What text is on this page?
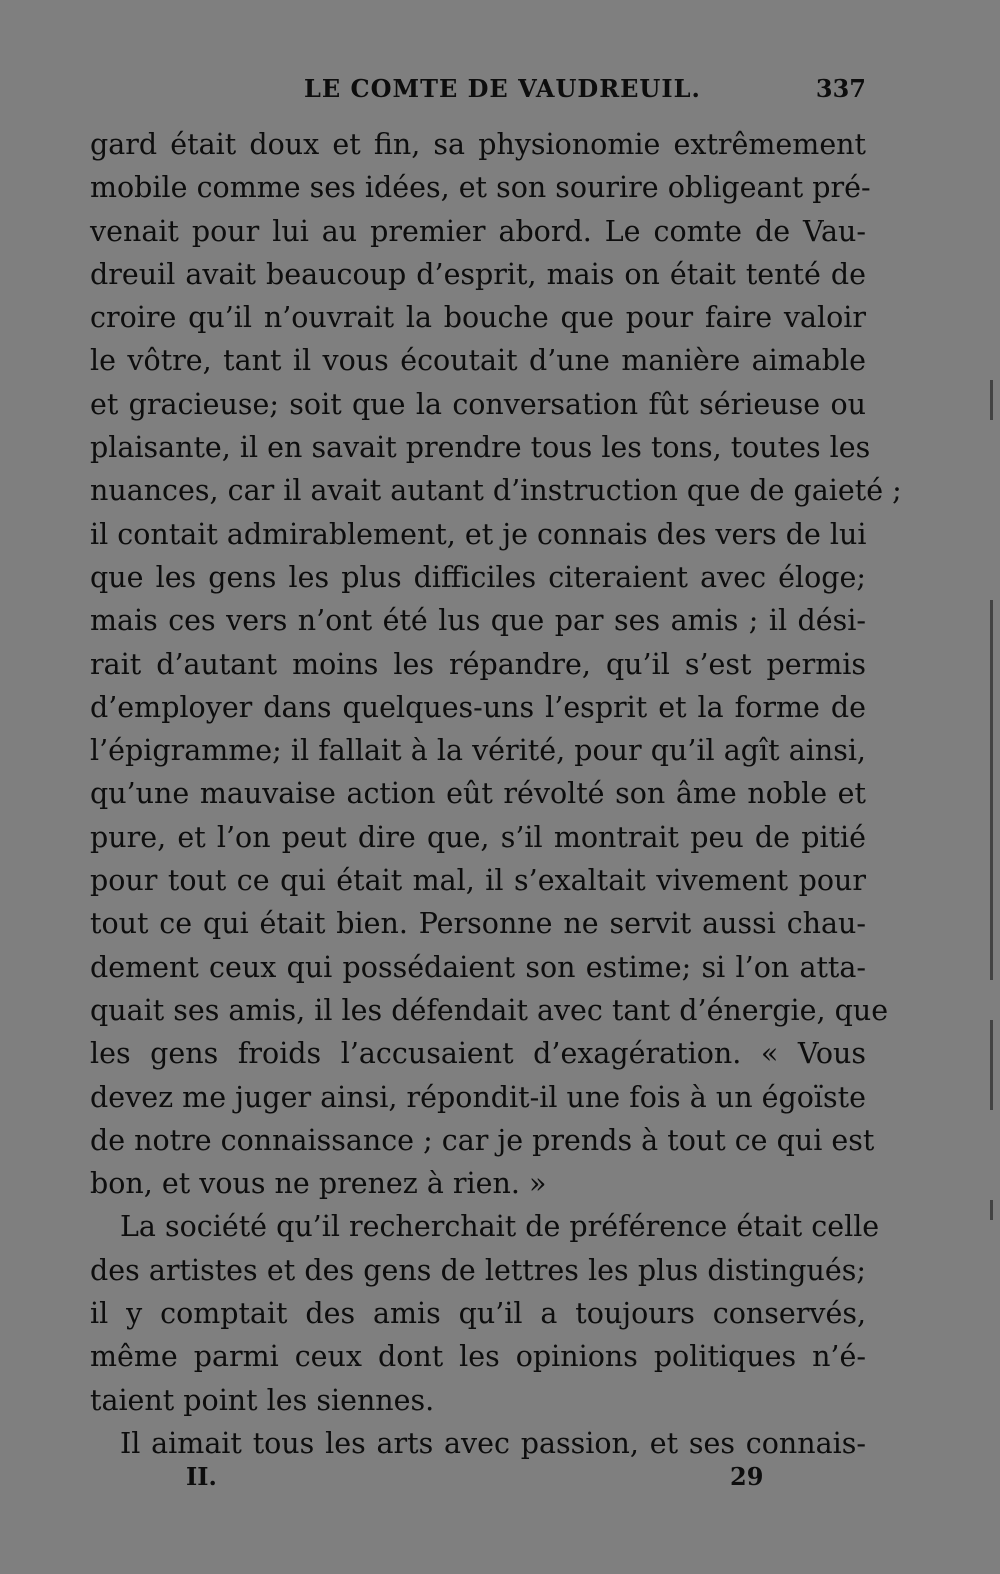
LE COMTE DE VAUDREUIL.	337
gard était doux et fin, sa physionomie extrêmement
mobile comme ses idées, et son sourire obligeant pré-
venait pour lui au premier abord. Le comte de Vau-
dreuil avait beaucoup d’esprit, mais on était tenté de
croire qu’il n’ouvrait la bouche que pour faire valoir
le vôtre, tant il vous écoutait d’une manière aimable
et gracieuse; soit que la conversation fût sérieuse ou
plaisante, il en savait prendre tous les tons, toutes les
nuances, car il avait autant d’instruction que de gaieté ;
il contait admirablement, et je connais des vers de lui
que les gens les plus difficiles citeraient avec éloge;
mais ces vers n’ont été lus que par ses amis ; il dési-
rait d’autant moins les répandre, qu’il s’est permis
d’employer dans quelques-uns l’esprit et la forme de
l’épigramme; il fallait à la vérité, pour qu’il agît ainsi,
qu’une mauvaise action eût révolté son âme noble et
pure, et l’on peut dire que, s’il montrait peu de pitié
pour tout ce qui était mal, il s’exaltait vivement pour
tout ce qui était bien. Personne ne servit aussi chau-
dement ceux qui possédaient son estime; si l’on atta-
quait ses amis, il les défendait avec tant d’énergie, que
les gens froids l’accusaient d’exagération. « Vous
devez me juger ainsi, répondit-il une fois à un égoïste
de notre connaissance ; car je prends à tout ce qui est
bon, et vous ne prenez à rien. »
La société qu’il recherchait de préférence était celle
des artistes et des gens de lettres les plus distingués;
il y comptait des amis qu’il a toujours conservés,
même parmi ceux dont les opinions politiques n’é-
taient point les siennes.
Il aimait tous les arts avec passion, et ses connais-
II.	29
